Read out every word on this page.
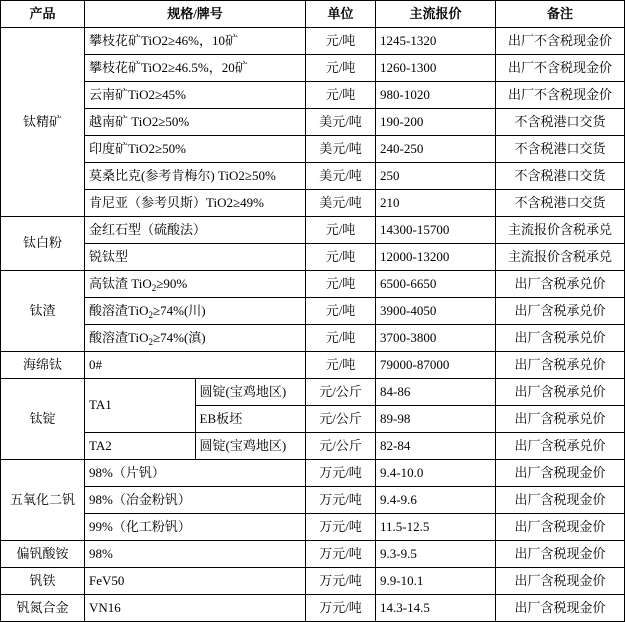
产品	规格/牌号		单位	主流报价	备注
钛精矿	攀枝花矿TiO2≥46%，10矿		元/吨	1245-1320	出厂不含税现金价
	攀枝花矿TiO2≥46.5%，20矿		元/吨	1260-1300	出厂不含税现金价
	云南矿TiO2≥45%		元/吨	980-1020	出厂不含税现金价
	越南矿 TiO2≥50%		美元/吨	190-200	不含税港口交货
	印度矿TiO2≥50%		美元/吨	240-250	不含税港口交货
	莫桑比克(参考肯梅尔) TiO2≥50%		美元/吨	250	不含税港口交货
	肯尼亚（参考贝斯）TiO2≥49%		美元/吨	210	不含税港口交货
钛白粉	金红石型（硫酸法）		元/吨	14300-15700	主流报价含税承兑
	锐钛型		元/吨	12000-13200	主流报价含税承兑
钛渣	高钛渣 TiO$_2$≥90%		元/吨	6500-6650	出厂含税承兑价
	酸溶渣TiO$_2$≥74%(川)		元/吨	3900-4050	出厂含税承兑价
	酸溶渣TiO$_2$≥74%(滇)		元/吨	3700-3800	出厂含税承兑价
海绵钛	0#		元/吨	79000-87000	出厂含税承兑价
钛锭	TA1	圆锭(宝鸡地区)	元/公斤	84-86	出厂含税承兑价
		EB板坯	元/公斤	89-98	出厂含税承兑价
	TA2	圆锭(宝鸡地区)	元/公斤	82-84	出厂含税承兑价
五氧化二钒	98%（片钒）		万元/吨	9.4-10.0	出厂含税现金价
	98%（冶金粉钒）		万元/吨	9.4-9.6	出厂含税现金价
	99%（化工粉钒）		万元/吨	11.5-12.5	出厂含税现金价
偏钒酸铵	98%		万元/吨	9.3-9.5	出厂含税现金价
钒铁	FeV50		万元/吨	9.9-10.1	出厂含税现金价
钒氮合金	VN16		万元/吨	14.3-14.5	出厂含税现金价
